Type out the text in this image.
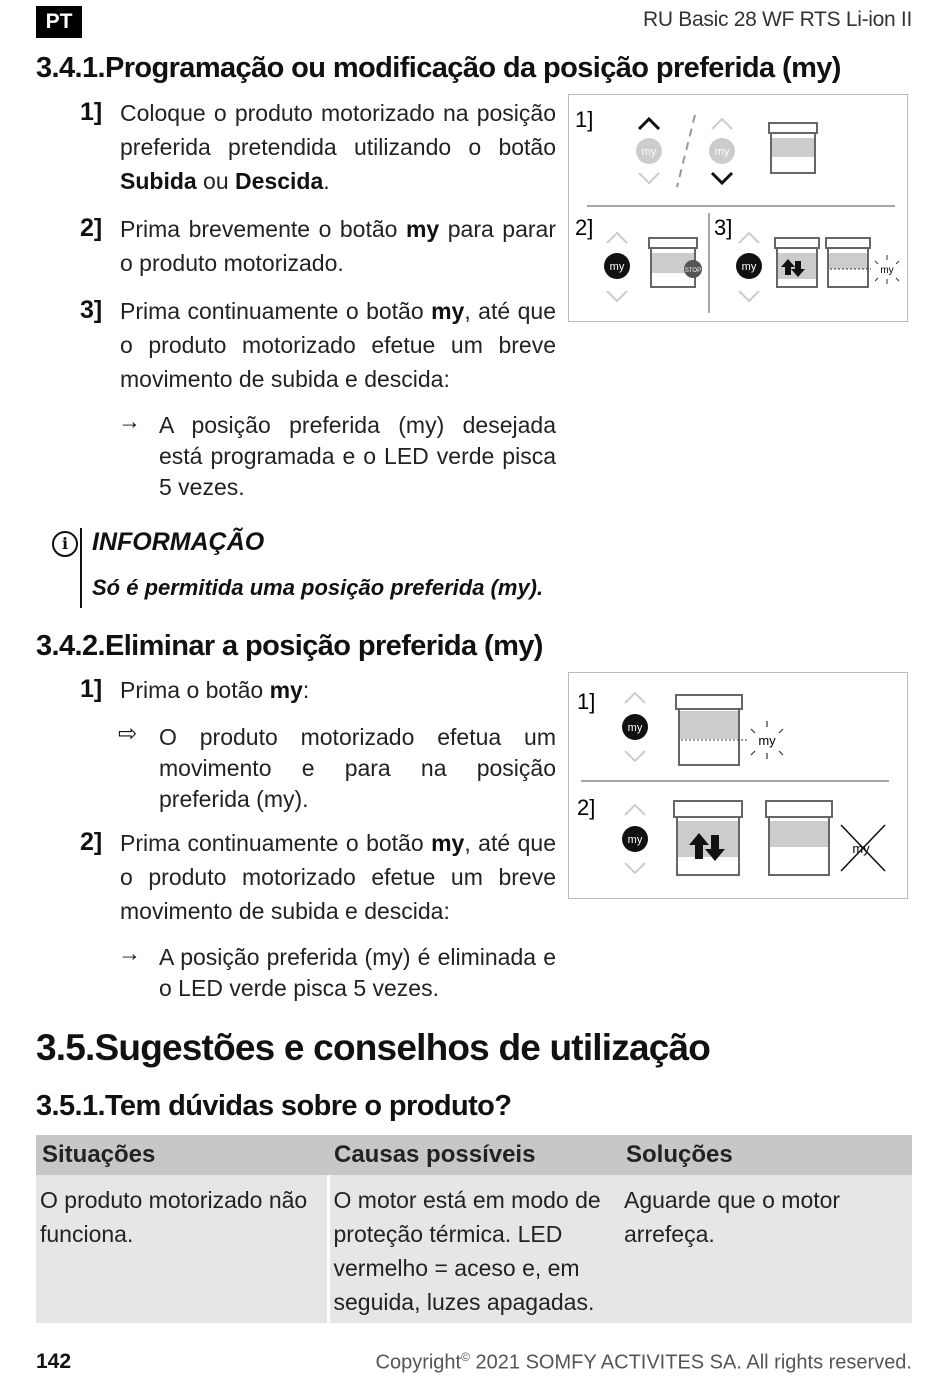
PT	RU Basic 28 WF RTS Li-ion II
3.4.1.Programação ou modificação da posição preferida (my)
1] Coloque o produto motorizado na posição preferida pretendida utilizando o botão Subida ou Descida.
2] Prima brevemente o botão my para parar o produto motorizado.
3] Prima continuamente o botão my, até que o produto motorizado efetue um breve movimento de subida e descida:
→ A posição preferida (my) desejada está programada e o LED verde pisca 5 vezes.
1]
my	my
2]
my	STOP
3]
my	my
i INFORMAÇÃO
Só é permitida uma posição preferida (my).
3.4.2.Eliminar a posição preferida (my)
1] Prima o botão my:
⇨ O produto motorizado efetua um movimento e para na posição preferida (my).
2] Prima continuamente o botão my, até que o produto motorizado efetue um breve movimento de subida e descida:
→ A posição preferida (my) é eliminada e o LED verde pisca 5 vezes.
1]
my
my
2]
my
my
3.5.Sugestões e conselhos de utilização
3.5.1.Tem dúvidas sobre o produto?
Situações	Causas possíveis	Soluções
O produto motorizado não funciona.	O motor está em modo de proteção térmica. LED vermelho = aceso e, em seguida, luzes apagadas.	Aguarde que o motor arrefeça.
142	Copyright© 2021 SOMFY ACTIVITES SA. All rights reserved.
